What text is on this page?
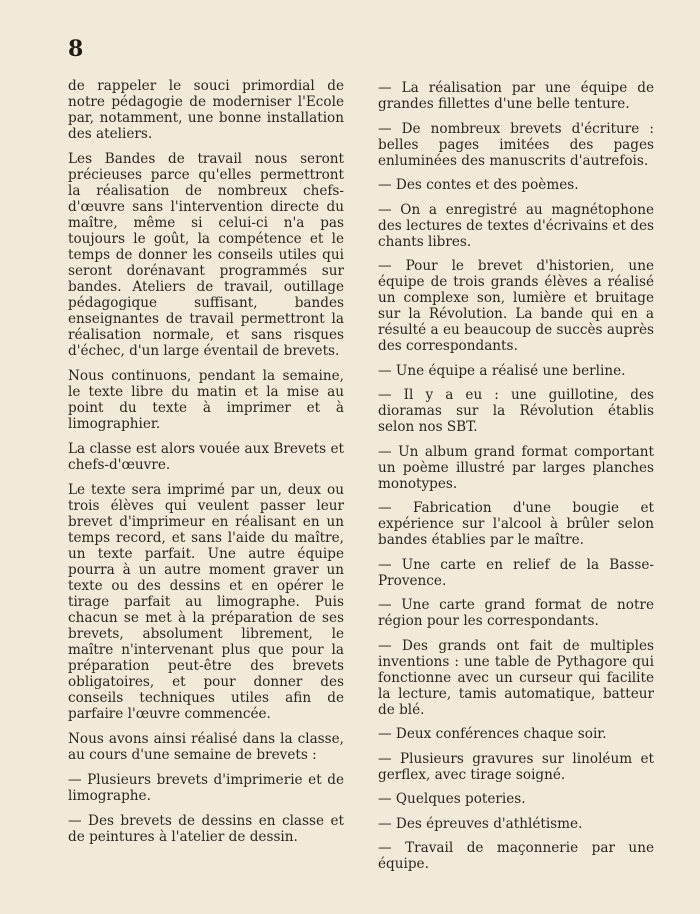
8

de rappeler le souci primordial de notre pédagogie de moderniser l'Ecole par, notamment, une bonne installation des ateliers.

Les Bandes de travail nous seront précieuses parce qu'elles permettront la réalisation de nombreux chefs-d'œuvre sans l'intervention directe du maître, même si celui-ci n'a pas toujours le goût, la compétence et le temps de donner les conseils utiles qui seront dorénavant programmés sur bandes. Ateliers de travail, outillage pédagogique suffisant, bandes enseignantes de travail permettront la réalisation normale, et sans risques d'échec, d'un large éventail de brevets.

Nous continuons, pendant la semaine, le texte libre du matin et la mise au point du texte à imprimer et à limographier.

La classe est alors vouée aux Brevets et chefs-d'œuvre.

Le texte sera imprimé par un, deux ou trois élèves qui veulent passer leur brevet d'imprimeur en réalisant en un temps record, et sans l'aide du maître, un texte parfait. Une autre équipe pourra à un autre moment graver un texte ou des dessins et en opérer le tirage parfait au limographe. Puis chacun se met à la préparation de ses brevets, absolument librement, le maître n'intervenant plus que pour la préparation peut-être des brevets obligatoires, et pour donner des conseils techniques utiles afin de parfaire l'œuvre commencée.

Nous avons ainsi réalisé dans la classe, au cours d'une semaine de brevets :

— Plusieurs brevets d'imprimerie et de limographe.

— Des brevets de dessins en classe et de peintures à l'atelier de dessin.

— La réalisation par une équipe de grandes fillettes d'une belle tenture.

— De nombreux brevets d'écriture : belles pages imitées des pages enluminées des manuscrits d'autrefois.

— Des contes et des poèmes.

— On a enregistré au magnétophone des lectures de textes d'écrivains et des chants libres.

— Pour le brevet d'historien, une équipe de trois grands élèves a réalisé un complexe son, lumière et bruitage sur la Révolution. La bande qui en a résulté a eu beaucoup de succès auprès des correspondants.

— Une équipe a réalisé une berline.

— Il y a eu : une guillotine, des dioramas sur la Révolution établis selon nos SBT.

— Un album grand format comportant un poème illustré par larges planches monotypes.

— Fabrication d'une bougie et expérience sur l'alcool à brûler selon bandes établies par le maître.

— Une carte en relief de la Basse-Provence.

— Une carte grand format de notre région pour les correspondants.

— Des grands ont fait de multiples inventions : une table de Pythagore qui fonctionne avec un curseur qui facilite la lecture, tamis automatique, batteur de blé.

— Deux conférences chaque soir.

— Plusieurs gravures sur linoléum et gerflex, avec tirage soigné.

— Quelques poteries.

— Des épreuves d'athlétisme.

— Travail de maçonnerie par une équipe.
